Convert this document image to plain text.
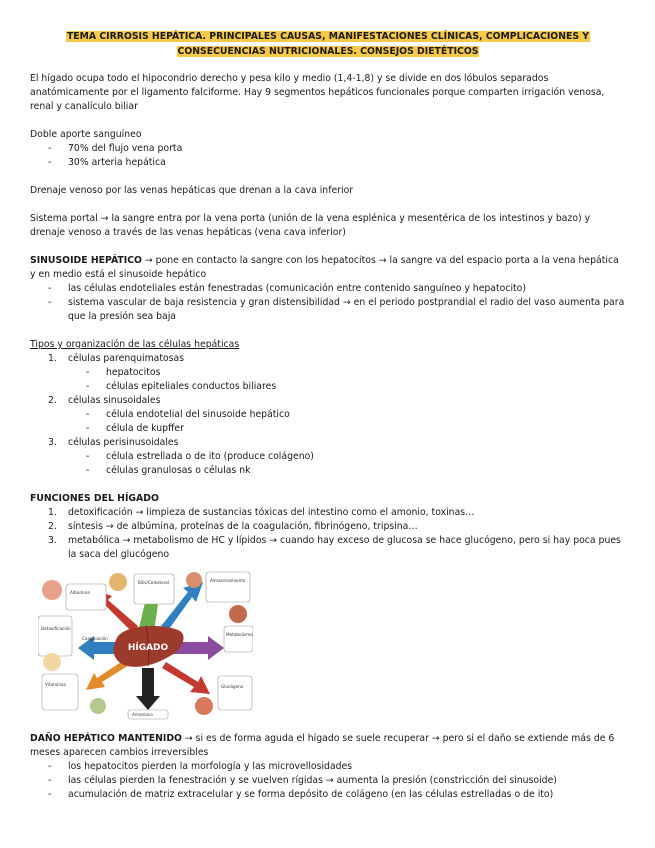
TEMA CIRROSIS HEPÁTICA. PRINCIPALES CAUSAS, MANIFESTACIONES CLÍNICAS, COMPLICACIONES Y
CONSECUENCIAS NUTRICIONALES. CONSEJOS DIETÉTICOS

El hígado ocupa todo el hipocondrio derecho y pesa kilo y medio (1,4-1,8) y se divide en dos lóbulos separados anatómicamente por el ligamento falciforme. Hay 9 segmentos hepáticos funcionales porque comparten irrigación venosa, renal y canalículo biliar

Doble aporte sanguíneo

-	70% del flujo vena porta
-	30% arteria hepática

Drenaje venoso por las venas hepáticas que drenan a la cava inferior

Sistema portal → la sangre entra por la vena porta (unión de la vena esplénica y mesentérica de los intestinos y bazo) y drenaje venoso a través de las venas hepáticas (vena cava inferior)

SINUSOIDE HEPÁTICO → pone en contacto la sangre con los hepatocitos → la sangre va del espacio porta a la vena hepática y en medio está el sinusoide hepático

-	las células endoteliales están fenestradas (comunicación entre contenido sanguíneo y hepatocito)
-	sistema vascular de baja resistencia y gran distensibilidad → en el periodo postprandial el radio del vaso aumenta para que la presión sea baja

Tipos y organización de las células hepáticas

1.	células parenquimatosas
-	hepatocitos
-	células epiteliales conductos biliares
2.	células sinusoidales
-	célula endotelial del sinusoide hepático
-	célula de kupffer
3.	células perisinusoidales
-	célula estrellada o de ito (produce colágeno)
-	células granulosas o células nk

FUNCIONES DEL HÍGADO

1.	detoxificación → limpieza de sustancias tóxicas del intestino como el amonio, toxinas…
2.	síntesis → de albúmina, proteínas de la coagulación, fibrinógeno, tripsina…
3.	metabólica → metabolismo de HC y lípidos → cuando hay exceso de glucosa se hace glucógeno, pero si hay poca pues la saca del glucógeno
HÍGADO
Albúmina
Bilis/Colesterol	Almacenamiento
Detoxificación
Metabolismo
Vitaminas	Glucógeno
Coagulación
Amoniaco

DAÑO HEPÁTICO MANTENIDO → si es de forma aguda el hígado se suele recuperar → pero si el daño se extiende más de 6 meses aparecen cambios irreversibles

-	los hepatocitos pierden la morfología y las microvellosidades
-	las células pierden la fenestración y se vuelven rígidas → aumenta la presión (constricción del sinusoide)
-	acumulación de matriz extracelular y se forma depósito de colágeno (en las células estrelladas o de ito)
